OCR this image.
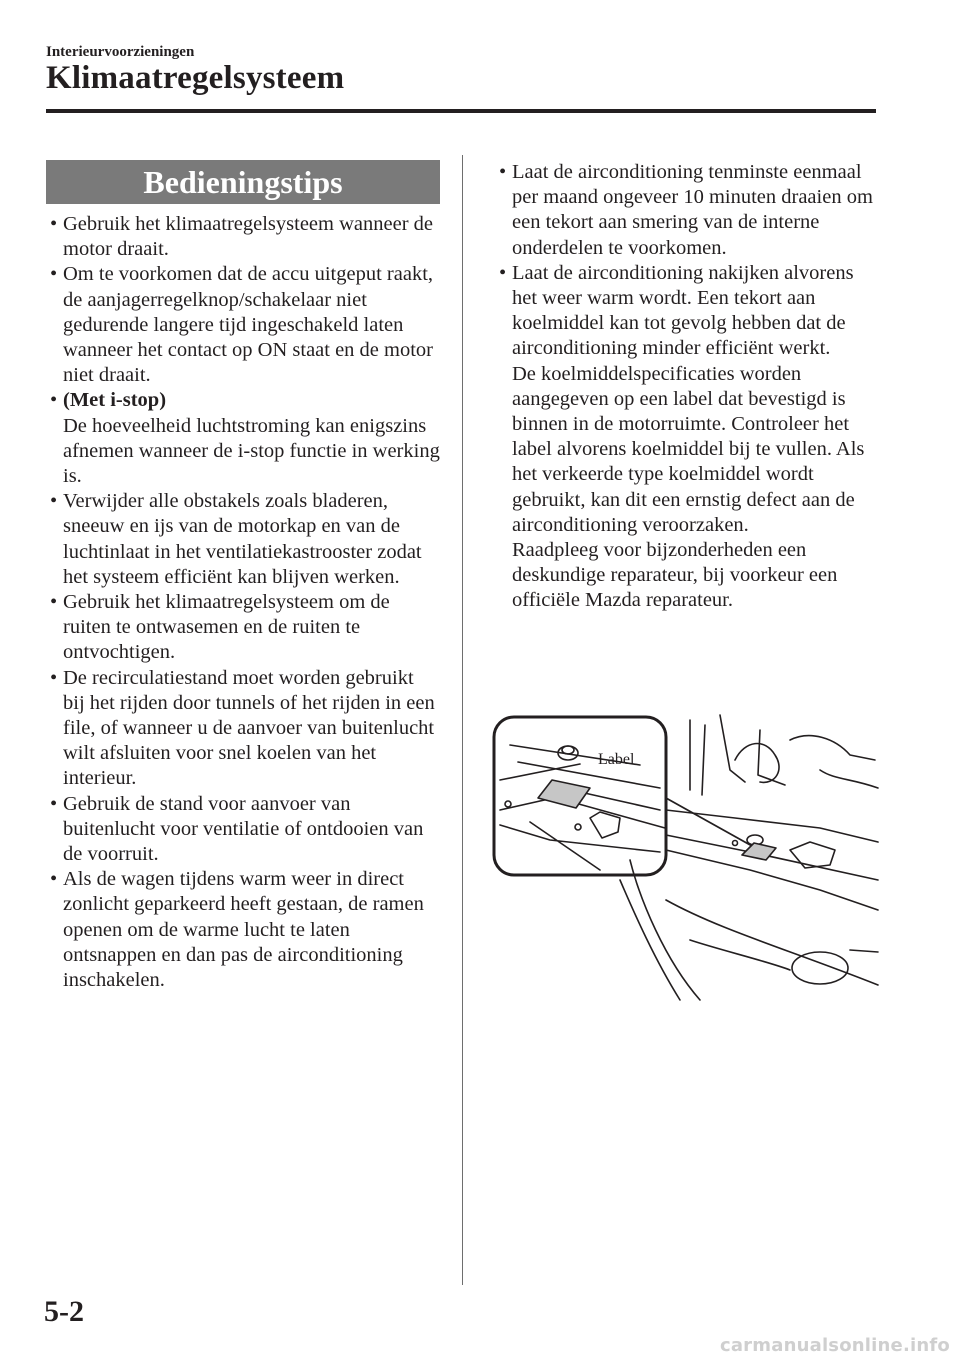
Interieurvoorzieningen
Klimaatregelsysteem
Bedieningstips
• Gebruik het klimaatregelsysteem wanneer de motor draait.
• Om te voorkomen dat de accu uitgeput raakt, de aanjagerregelknop/schakelaar niet gedurende langere tijd ingeschakeld laten wanneer het contact op ON staat en de motor niet draait.
• (Met i-stop)
De hoeveelheid luchtstroming kan enigszins afnemen wanneer de i-stop functie in werking is.
• Verwijder alle obstakels zoals bladeren, sneeuw en ijs van de motorkap en van de luchtinlaat in het ventilatiekastrooster zodat het systeem efficiënt kan blijven werken.
• Gebruik het klimaatregelsysteem om de ruiten te ontwasemen en de ruiten te ontvochtigen.
• De recirculatiestand moet worden gebruikt bij het rijden door tunnels of het rijden in een file, of wanneer u de aanvoer van buitenlucht wilt afsluiten voor snel koelen van het interieur.
• Gebruik de stand voor aanvoer van buitenlucht voor ventilatie of ontdooien van de voorruit.
• Als de wagen tijdens warm weer in direct zonlicht geparkeerd heeft gestaan, de ramen openen om de warme lucht te laten ontsnappen en dan pas de airconditioning inschakelen.
• Laat de airconditioning tenminste eenmaal per maand ongeveer 10 minuten draaien om een tekort aan smering van de interne onderdelen te voorkomen.
• Laat de airconditioning nakijken alvorens het weer warm wordt. Een tekort aan koelmiddel kan tot gevolg hebben dat de airconditioning minder efficiënt werkt.
De koelmiddelspecificaties worden aangegeven op een label dat bevestigd is binnen in de motorruimte. Controleer het label alvorens koelmiddel bij te vullen. Als het verkeerde type koelmiddel wordt gebruikt, kan dit een ernstig defect aan de airconditioning veroorzaken.
Raadpleeg voor bijzonderheden een deskundige reparateur, bij voorkeur een officiële Mazda reparateur.
Label
5-2
carmanualsonline.info
